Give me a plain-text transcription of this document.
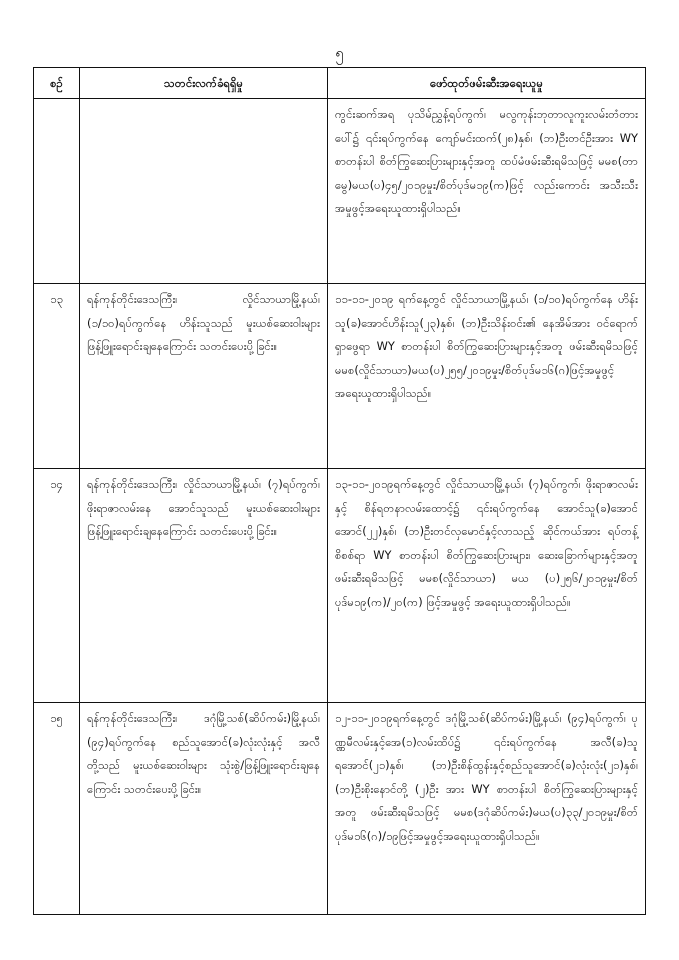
၅
စဉ်	သတင်းလက်ခံရရှိမှု	ဖော်ထုတ်ဖမ်းဆီးအရေးယူမှု
		ကွင်းဆက်အရ ပုသိမ်ညွှန့်ရပ်ကွက်၊ မလွကုန်းဘုတာလူကူးလမ်းတံတားပေါ်၌ ၎င်းရပ်ကွက်နေ ကျော်မင်းထက်(၂၈)နှစ်၊ (ဘ)ဦးတင်ဦးအား WY စာတန်းပါ စိတ်ကြွဆေးပြားများနှင့်အတူ ထပ်မံဖမ်းဆီးရမိသဖြင့် မမစ(တာမွေ)မယ(ပ)၄၅/၂၀၁၉မှုး/စိတ်ပုဒ်မ၁၉(က)ဖြင့် လည်းကောင်း အသီးသီး အမှုဖွင့်အရေးယူထားရှိပါသည်။
၁၃	ရန်ကုန်တိုင်းဒေသကြီး၊ လှိုင်သာယာမြို့နယ်၊ (၁/၁၀)ရပ်ကွက်နေ ဟိန်းသူသည် မူးယစ်ဆေးဝါးများ ဖြန့်ဖြူးရောင်းချနေကြောင်း သတင်းပေးပို့ခြင်း။	၁၁-၁၁-၂၀၁၉ ရက်နေ့တွင် လှိုင်သာယာမြို့နယ်၊ (၁/၁၀)ရပ်ကွက်နေ ဟိန်းသူ(ခ)အောင်ဟိန်းသူ(၂၃)နှစ်၊ (ဘ)ဦးသိန်းဝင်း၏ နေအိမ်အား ဝင်ရောက်ရှာဖွေရာ WY စာတန်းပါ စိတ်ကြွဆေးပြားများနှင့်အတူ ဖမ်းဆီးရမိသဖြင့်မမစ(လှိုင်သာယာ)မယ(ပ)၂၅၅/၂၀၁၉မှုး/စိတ်ပုဒ်မ၁၆(ဂ)ဖြင့်အမှုဖွင့်အရေးယူထားရှိပါသည်။
၁၄	ရန်ကုန်တိုင်းဒေသကြီး၊ လှိုင်သာယာမြို့နယ်၊ (၇)ရပ်ကွက်၊ ဖိုးရာဇာလမ်းနေ အောင်သူသည် မူးယစ်ဆေးဝါးများ ဖြန့်ဖြူးရောင်းချနေကြောင်း သတင်းပေးပို့ခြင်း။	၁၃-၁၁-၂၀၁၉ရက်နေ့တွင် လှိုင်သာယာမြို့နယ်၊ (၇)ရပ်ကွက်၊ ဖိုးရာဇာလမ်းနှင့် စိန်ရတနာလမ်းထောင့်၌ ၎င်းရပ်ကွက်နေ အောင်သူ(ခ)အောင်အောင်(၂၂)နှစ်၊ (ဘ)ဦးတင်လှမောင်နှင့်လာသည့် ဆိုင်ကယ်အား ရပ်တန့်စိစစ်ရာ WY စာတန်းပါ စိတ်ကြွဆေးပြားများ၊ ဆေးခြောက်များနှင့်အတူဖမ်းဆီးရမိသဖြင့် မမစ(လှိုင်သာယာ) မယ (ပ)၂၅၆/၂၀၁၉မှုး/စိတ်ပုဒ်မ၁၉(က)/၂၀(က) ဖြင့်အမှုဖွင့် အရေးယူထားရှိပါသည်။
၁၅	ရန်ကုန်တိုင်းဒေသကြီး၊ ဒဂုံမြို့သစ်(ဆိပ်ကမ်း)မြို့နယ်၊ (၉၄)ရပ်ကွက်နေ စည်သူအောင်(ခ)လုံးလုံးနှင့် အလီတို့သည် မူးယစ်ဆေးဝါးများ သုံးစွဲ/ဖြန့်ဖြူးရောင်းချနေကြောင်း သတင်းပေးပို့ခြင်း။	၁၂-၁၁-၂၀၁၉ရက်နေ့တွင် ဒဂုံမြို့သစ်(ဆိပ်ကမ်း)မြို့နယ်၊ (၉၄)ရပ်ကွက်၊ ပုဏ္ဏမီလမ်းနှင့်အေ(၁)လမ်းထိပ်၌ ၎င်းရပ်ကွက်နေ အလီ(ခ)သူရအောင်(၂၁)နှစ်၊ (ဘ)ဦးစိန်ထွန်းနှင့်စည်သူအောင်(ခ)လုံးလုံး(၂၁)နှစ်၊ (ဘ)ဦးစိုးနောင်တို့ (၂)ဦး အား WY စာတန်းပါ စိတ်ကြွဆေးပြားများနှင့်အတူ ဖမ်းဆီးရမိသဖြင့် မမစ(ဒဂုံဆိပ်ကမ်း)မယ(ပ)၃၃/၂၀၁၉မှုး/စိတ်ပုဒ်မ၁၆(ဂ)/၁၉ဖြင့်အမှုဖွင့်အရေးယူထားရှိပါသည်။
